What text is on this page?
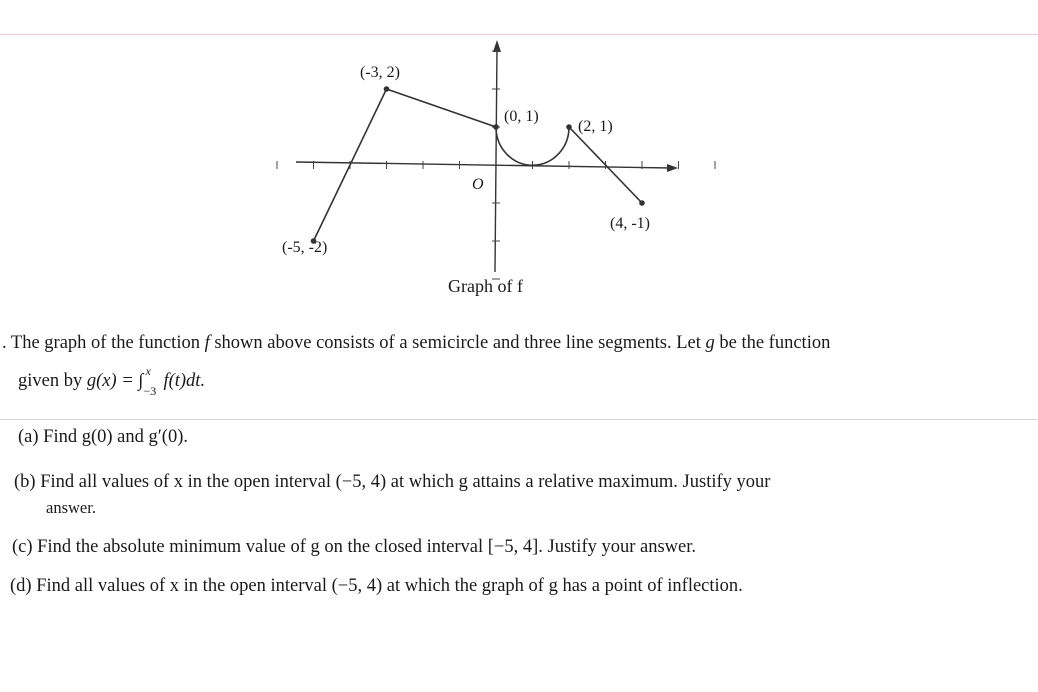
(-3, 2)
(0, 1)
(2, 1)
(-5, -2)
(4, -1)
O
Graph of f

. The graph of the function f shown above consists of a semicircle and three line segments. Let g be the function

given by g(x) = ∫ x
−3 f(t)dt.

(a) Find g(0) and g′(0).

(b) Find all values of x in the open interval (−5, 4) at which g attains a relative maximum. Justify your

answer.

(c) Find the absolute minimum value of g on the closed interval [−5, 4]. Justify your answer.

(d) Find all values of x in the open interval (−5, 4) at which the graph of g has a point of inflection.
